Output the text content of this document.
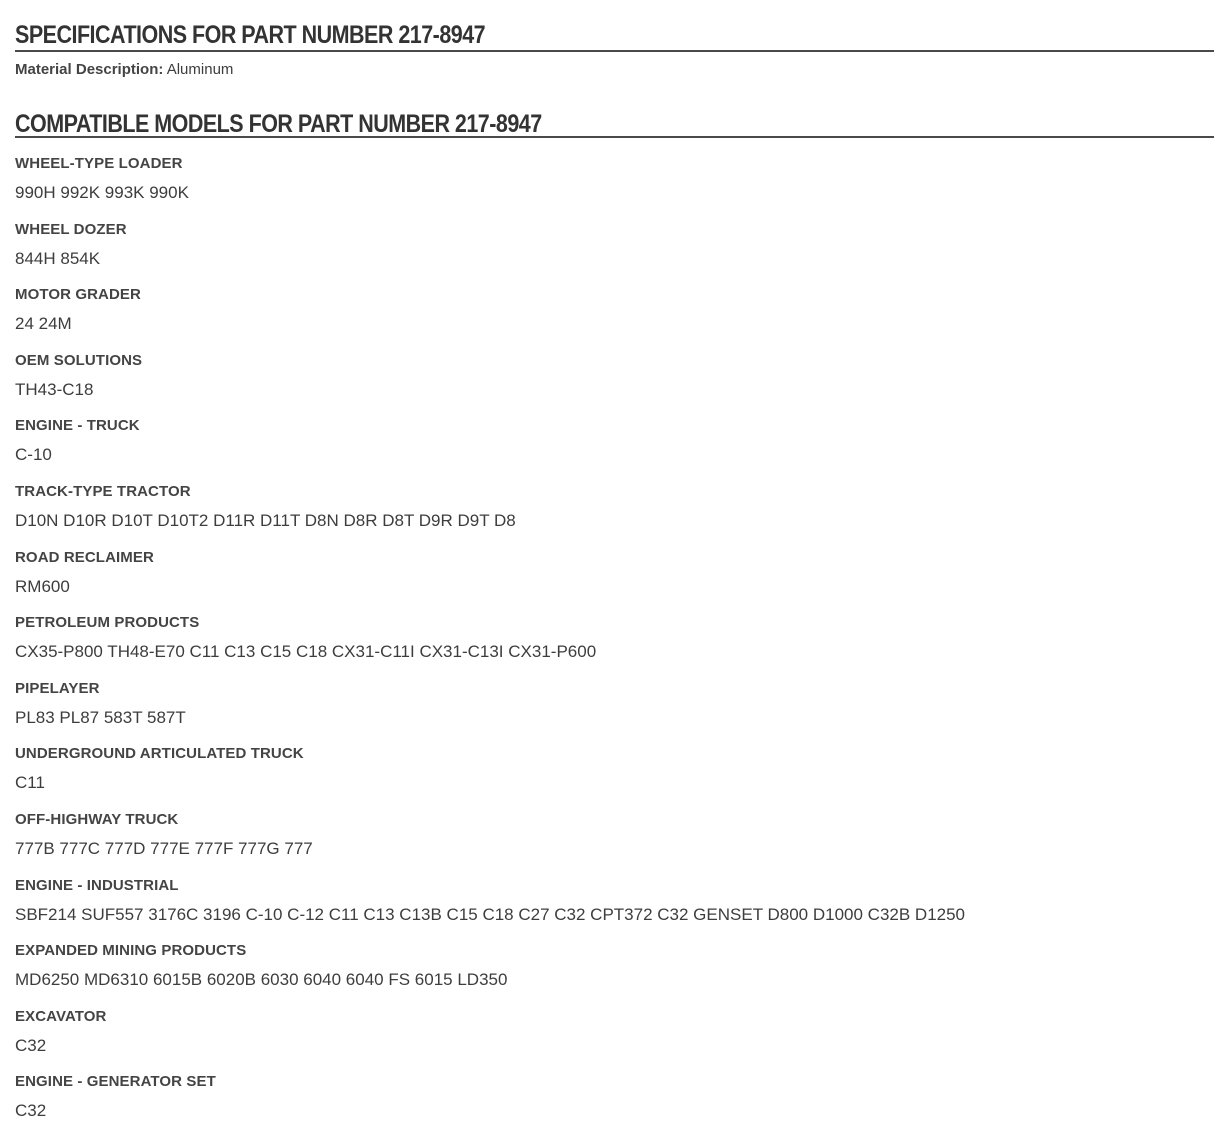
SPECIFICATIONS FOR PART NUMBER 217-8947
Material Description: Aluminum
COMPATIBLE MODELS FOR PART NUMBER 217-8947
WHEEL-TYPE LOADER
990H 992K 993K 990K
WHEEL DOZER
844H 854K
MOTOR GRADER
24 24M
OEM SOLUTIONS
TH43-C18
ENGINE - TRUCK
C-10
TRACK-TYPE TRACTOR
D10N D10R D10T D10T2 D11R D11T D8N D8R D8T D9R D9T D8
ROAD RECLAIMER
RM600
PETROLEUM PRODUCTS
CX35-P800 TH48-E70 C11 C13 C15 C18 CX31-C11I CX31-C13I CX31-P600
PIPELAYER
PL83 PL87 583T 587T
UNDERGROUND ARTICULATED TRUCK
C11
OFF-HIGHWAY TRUCK
777B 777C 777D 777E 777F 777G 777
ENGINE - INDUSTRIAL
SBF214 SUF557 3176C 3196 C-10 C-12 C11 C13 C13B C15 C18 C27 C32 CPT372 C32 GENSET D800 D1000 C32B D1250
EXPANDED MINING PRODUCTS
MD6250 MD6310 6015B 6020B 6030 6040 6040 FS 6015 LD350
EXCAVATOR
C32
ENGINE - GENERATOR SET
C32
